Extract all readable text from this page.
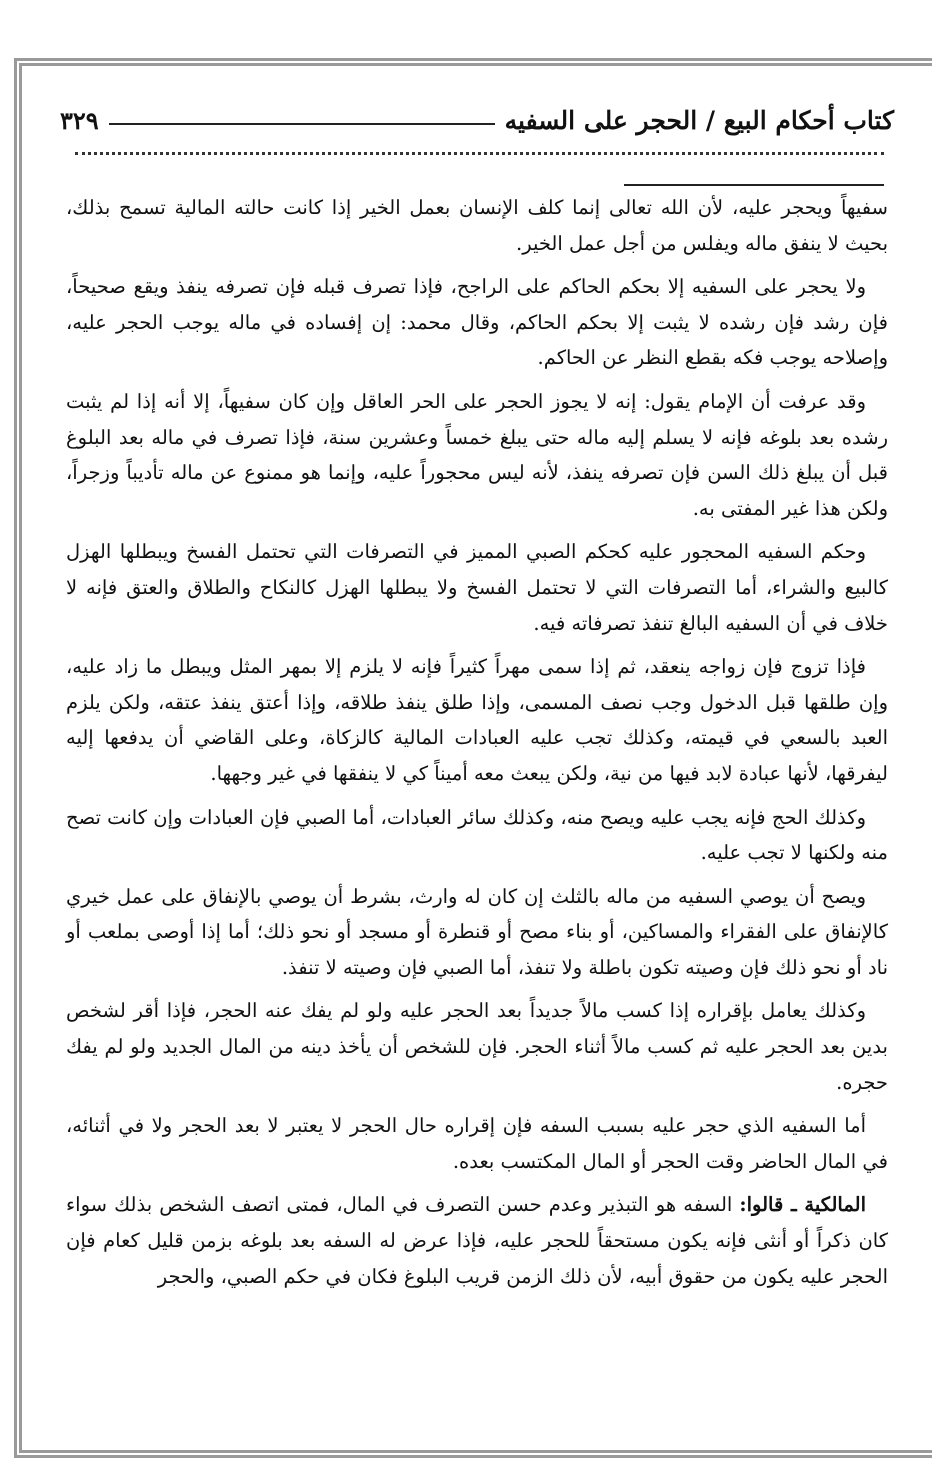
كتاب أحكام البيع / الحجر على السفيه
٣٢٩

سفيهاً ويحجر عليه، لأن الله تعالى إنما كلف الإنسان بعمل الخير إذا كانت حالته المالية تسمح بذلك، بحيث لا ينفق ماله ويفلس من أجل عمل الخير.

ولا يحجر على السفيه إلا بحكم الحاكم على الراجح، فإذا تصرف قبله فإن تصرفه ينفذ ويقع صحيحاً، فإن رشد فإن رشده لا يثبت إلا بحكم الحاكم، وقال محمد: إن إفساده في ماله يوجب الحجر عليه، وإصلاحه يوجب فكه بقطع النظر عن الحاكم.

وقد عرفت أن الإمام يقول: إنه لا يجوز الحجر على الحر العاقل وإن كان سفيهاً، إلا أنه إذا لم يثبت رشده بعد بلوغه فإنه لا يسلم إليه ماله حتى يبلغ خمساً وعشرين سنة، فإذا تصرف في ماله بعد البلوغ قبل أن يبلغ ذلك السن فإن تصرفه ينفذ، لأنه ليس محجوراً عليه، وإنما هو ممنوع عن ماله تأديباً وزجراً، ولكن هذا غير المفتى به.

وحكم السفيه المحجور عليه كحكم الصبي المميز في التصرفات التي تحتمل الفسخ ويبطلها الهزل كالبيع والشراء، أما التصرفات التي لا تحتمل الفسخ ولا يبطلها الهزل كالنكاح والطلاق والعتق فإنه لا خلاف في أن السفيه البالغ تنفذ تصرفاته فيه.

فإذا تزوج فإن زواجه ينعقد، ثم إذا سمى مهراً كثيراً فإنه لا يلزم إلا بمهر المثل ويبطل ما زاد عليه، وإن طلقها قبل الدخول وجب نصف المسمى، وإذا طلق ينفذ طلاقه، وإذا أعتق ينفذ عتقه، ولكن يلزم العبد بالسعي في قيمته، وكذلك تجب عليه العبادات المالية كالزكاة، وعلى القاضي أن يدفعها إليه ليفرقها، لأنها عبادة لابد فيها من نية، ولكن يبعث معه أميناً كي لا ينفقها في غير وجهها.

وكذلك الحج فإنه يجب عليه ويصح منه، وكذلك سائر العبادات، أما الصبي فإن العبادات وإن كانت تصح منه ولكنها لا تجب عليه.

ويصح أن يوصي السفيه من ماله بالثلث إن كان له وارث، بشرط أن يوصي بالإنفاق على عمل خيري كالإنفاق على الفقراء والمساكين، أو بناء مصح أو قنطرة أو مسجد أو نحو ذلك؛ أما إذا أوصى بملعب أو ناد أو نحو ذلك فإن وصيته تكون باطلة ولا تنفذ، أما الصبي فإن وصيته لا تنفذ.

وكذلك يعامل بإقراره إذا كسب مالاً جديداً بعد الحجر عليه ولو لم يفك عنه الحجر، فإذا أقر لشخص بدين بعد الحجر عليه ثم كسب مالاً أثناء الحجر. فإن للشخص أن يأخذ دينه من المال الجديد ولو لم يفك حجره.

أما السفيه الذي حجر عليه بسبب السفه فإن إقراره حال الحجر لا يعتبر لا بعد الحجر ولا في أثنائه، في المال الحاضر وقت الحجر أو المال المكتسب بعده.

المالكية ـ قالوا: السفه هو التبذير وعدم حسن التصرف في المال، فمتى اتصف الشخص بذلك سواء كان ذكراً أو أنثى فإنه يكون مستحقاً للحجر عليه، فإذا عرض له السفه بعد بلوغه بزمن قليل كعام فإن الحجر عليه يكون من حقوق أبيه، لأن ذلك الزمن قريب البلوغ فكان في حكم الصبي، والحجر
